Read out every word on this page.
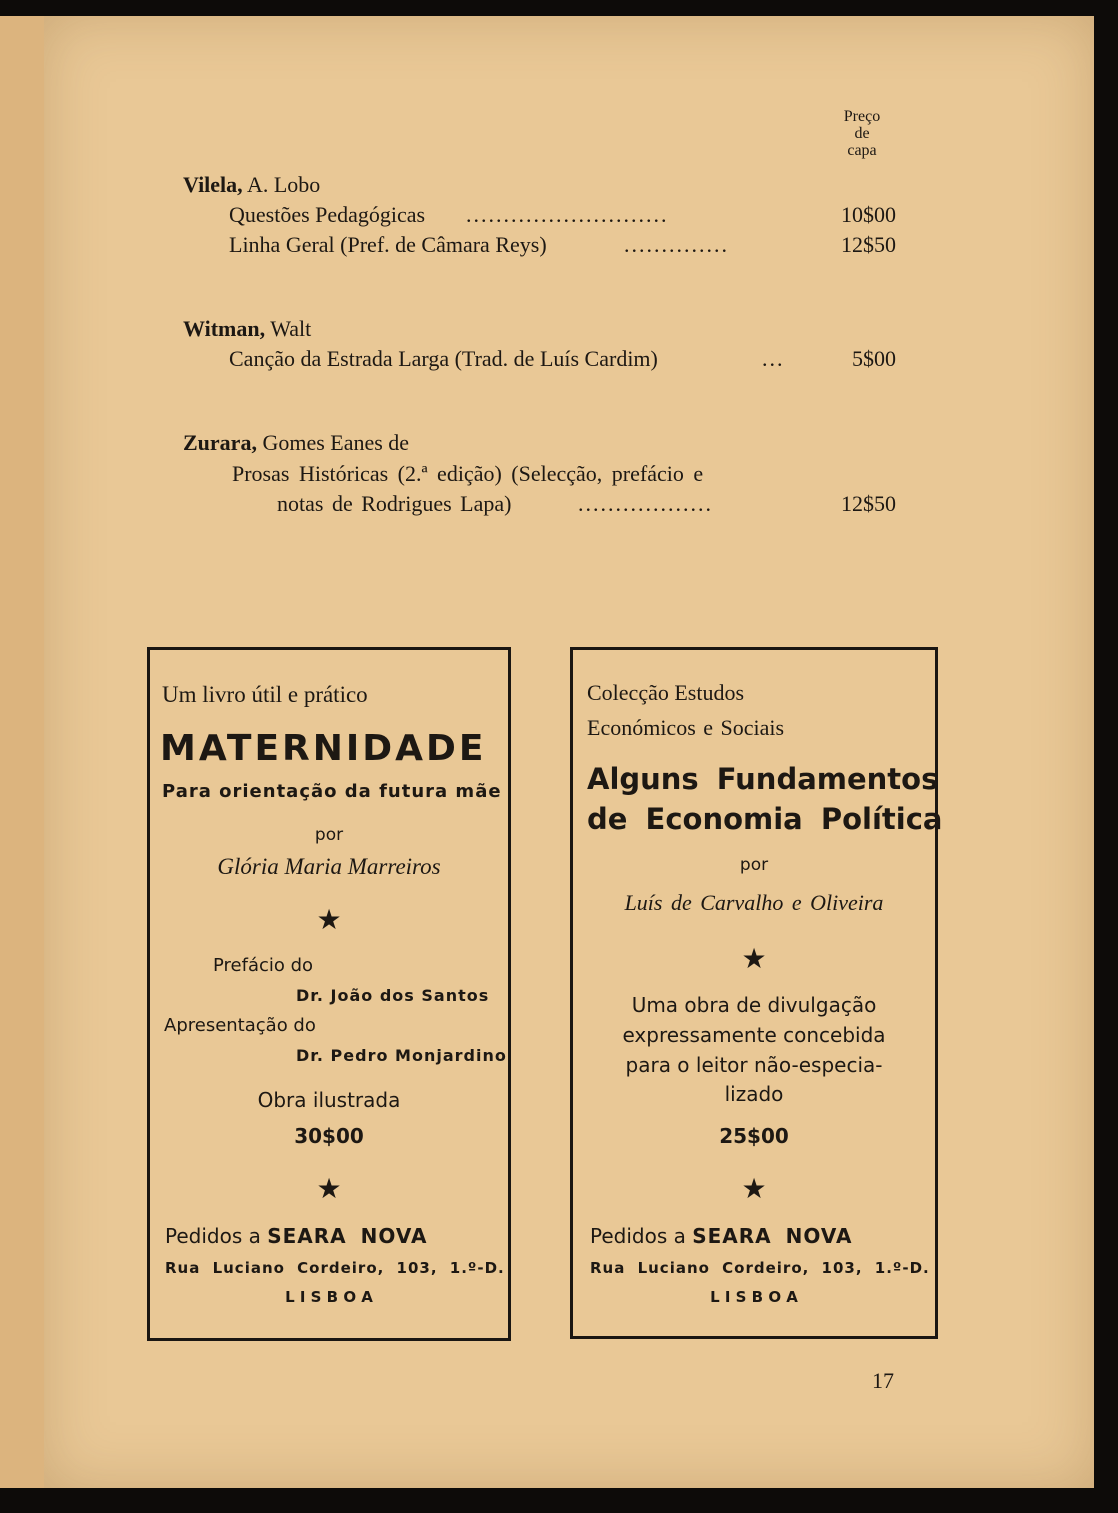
Preço
de
capa
Vilela, A. Lobo
Questões Pedagógicas ...........................	10$00
Linha Geral (Pref. de Câmara Reys)	..............	12$50
Witman, Walt
Canção da Estrada Larga (Trad. de Luís Cardim)	...	5$00
Zurara, Gomes Eanes de
Prosas Históricas (2.ª edição) (Selecção, prefácio e
notas de Rodrigues Lapa)	..................	12$50
Um livro útil e prático
MATERNIDADE
Para orientação da futura mãe
por
Glória Maria Marreiros
★
Prefácio do
Dr. João dos Santos
Apresentação do
Dr. Pedro Monjardino
Obra ilustrada
30$00
★
Pedidos a SEARA NOVA
Rua Luciano Cordeiro, 103, 1.º-D.
L I S B O A
Colecção Estudos
Económicos e Sociais
Alguns Fundamentos
de Economia Política
por
Luís de Carvalho e Oliveira
★
Uma obra de divulgação
expressamente concebida
para o leitor não-especia-
lizado
25$00
★
Pedidos a SEARA NOVA
Rua Luciano Cordeiro, 103, 1.º-D.
L I S B O A
17
